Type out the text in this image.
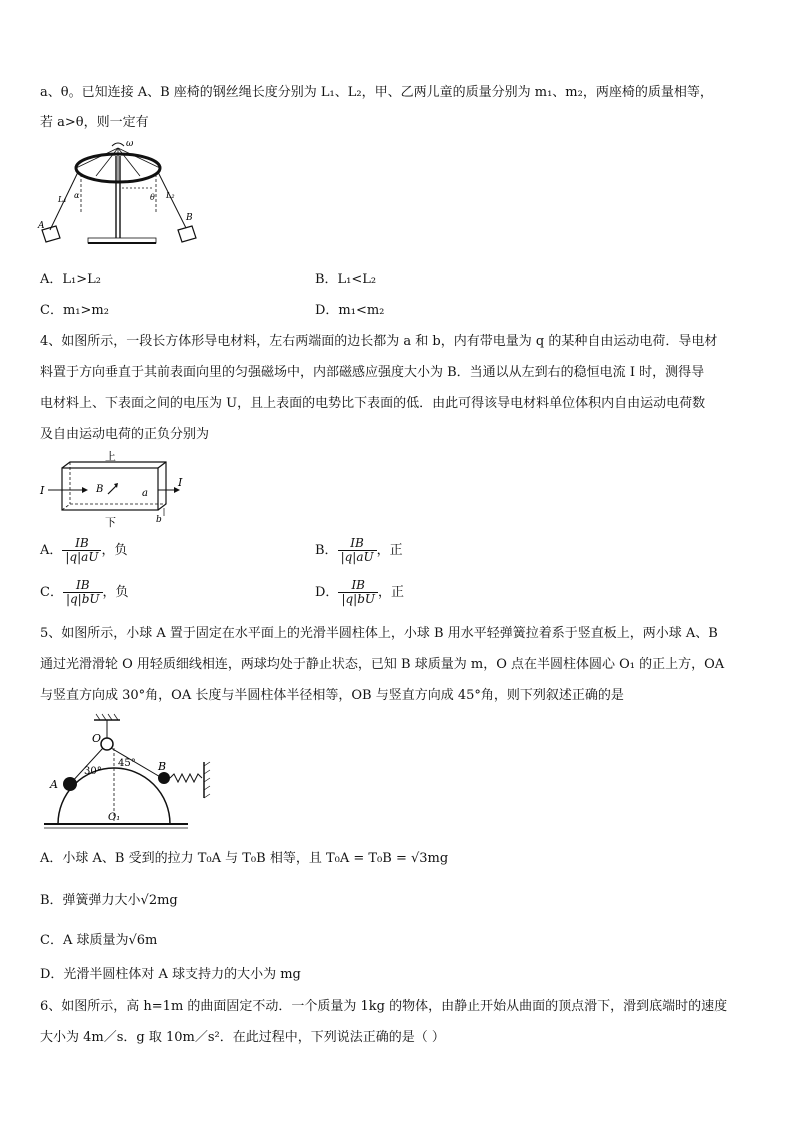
a、θ。已知连接 A、B 座椅的钢丝绳长度分别为 L₁、L₂，甲、乙两儿童的质量分别为 m₁、m₂，两座椅的质量相等，
若 a>θ，则一定有
ω
L₁ α	θ L₂
A
B
A．L₁>L₂	B．L₁<L₂
C．m₁>m₂	D．m₁<m₂
4、如图所示，一段长方体形导电材料，左右两端面的边长都为 a 和 b，内有带电量为 q 的某种自由运动电荷．导电材
料置于方向垂直于其前表面向里的匀强磁场中，内部磁感应强度大小为 B．当通以从左到右的稳恒电流 I 时，测得导
电材料上、下表面之间的电压为 U，且上表面的电势比下表面的低．由此可得该导电材料单位体积内自由运动电荷数
及自由运动电荷的正负分别为
上
下
I
I
B	a
b
A． $\frac{IB}{|q|aU}$ ，负	B． $\frac{IB}{|q|aU}$ ，正
C． $\frac{IB}{|q|bU}$ ，负	D． $\frac{IB}{|q|bU}$ ，正
5、如图所示，小球 A 置于固定在水平面上的光滑半圆柱体上，小球 B 用水平轻弹簧拉着系于竖直板上，两小球 A、B
通过光滑滑轮 O 用轻质细线相连，两球均处于静止状态，已知 B 球质量为 m，O 点在半圆柱体圆心 O₁ 的正上方，OA
与竖直方向成 30°角，OA 长度与半圆柱体半径相等，OB 与竖直方向成 45°角，则下列叙述正确的是
O
A
B
O₁
30°
45°
A．小球 A、B 受到的拉力 T₀A 与 T₀B 相等，且 T₀A = T₀B = √3mg
B．弹簧弹力大小√2mg
C．A 球质量为√6m
D．光滑半圆柱体对 A 球支持力的大小为 mg
6、如图所示，高 h=1m 的曲面固定不动．一个质量为 1kg 的物体，由静止开始从曲面的顶点滑下，滑到底端时的速度
大小为 4m／s．g 取 10m／s²．在此过程中，下列说法正确的是（ ）
